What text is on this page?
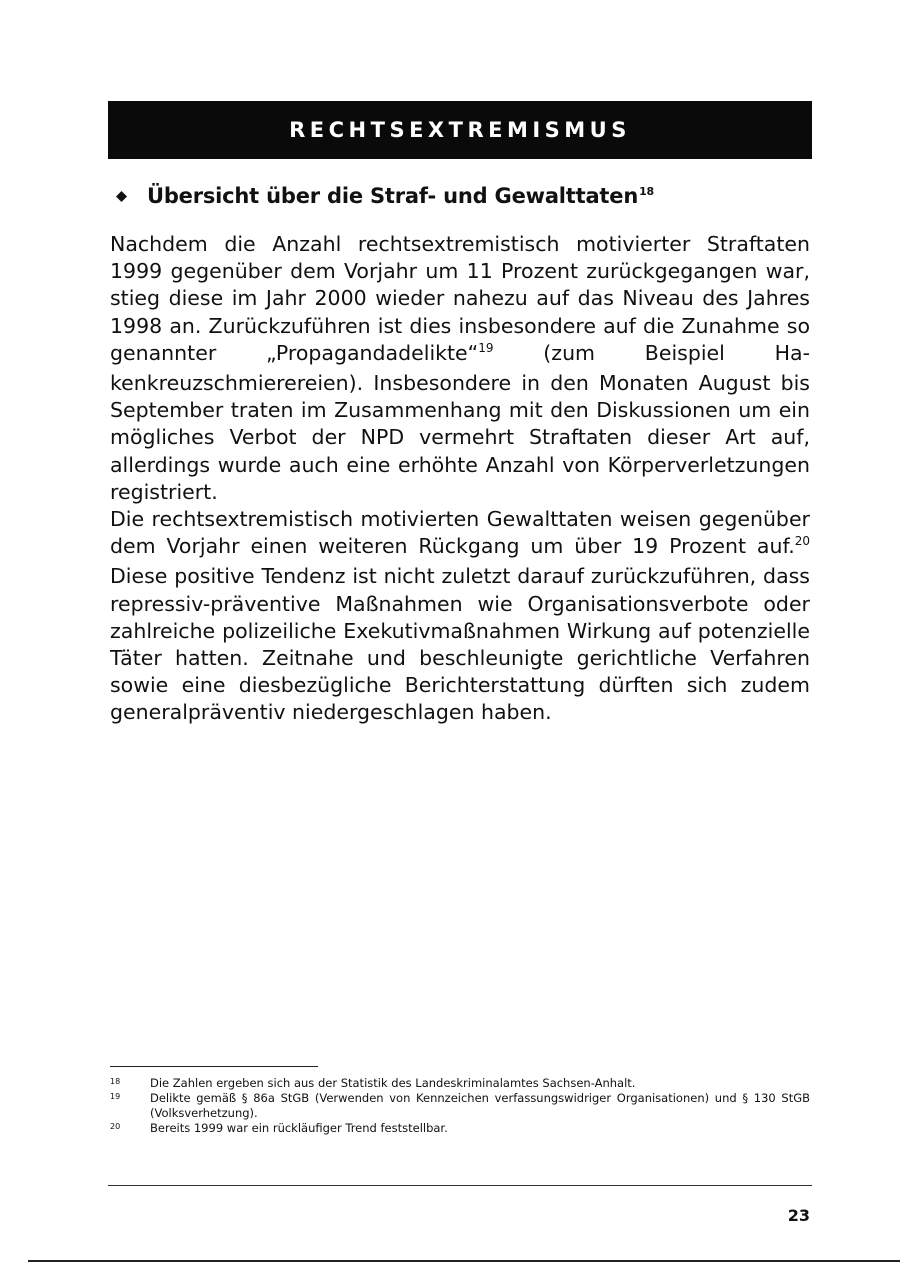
RECHTSEXTREMISMUS
Übersicht über die Straf- und Gewalttaten$^{18}$

Nachdem die Anzahl rechtsextremistisch motivierter Straftaten 1999 gegenüber dem Vorjahr um 11 Prozent zurückgegangen war, stieg diese im Jahr 2000 wieder nahezu auf das Niveau des Jahres 1998 an. Zurückzuführen ist dies insbesondere auf die Zunahme so genannter „Propagandadelikte“$^{19}$ (zum Beispiel Hakenkreuzschmierereien). Insbesondere in den Monaten August bis September traten im Zusammenhang mit den Diskussionen um ein mögliches Verbot der NPD vermehrt Straftaten dieser Art auf, allerdings wurde auch eine erhöhte Anzahl von Körperverletzungen registriert.

Die rechtsextremistisch motivierten Gewalttaten weisen gegenüber dem Vorjahr einen weiteren Rückgang um über 19 Prozent auf.$^{20}$ Diese positive Tendenz ist nicht zuletzt darauf zurückzuführen, dass repressiv-präventive Maßnahmen wie Organisationsverbote oder zahlreiche polizeiliche Exekutivmaßnahmen Wirkung auf potenzielle Täter hatten. Zeitnahe und beschleunigte gerichtliche Verfahren sowie eine diesbezügliche Berichterstattung dürften sich zudem generalpräventiv niedergeschlagen haben.

18	Die Zahlen ergeben sich aus der Statistik des Landeskriminalamtes Sachsen-Anhalt.
19	Delikte gemäß § 86a StGB (Verwenden von Kennzeichen verfassungswidriger Organisationen) und § 130 StGB (Volksverhetzung).
20	Bereits 1999 war ein rückläufiger Trend feststellbar.
23
